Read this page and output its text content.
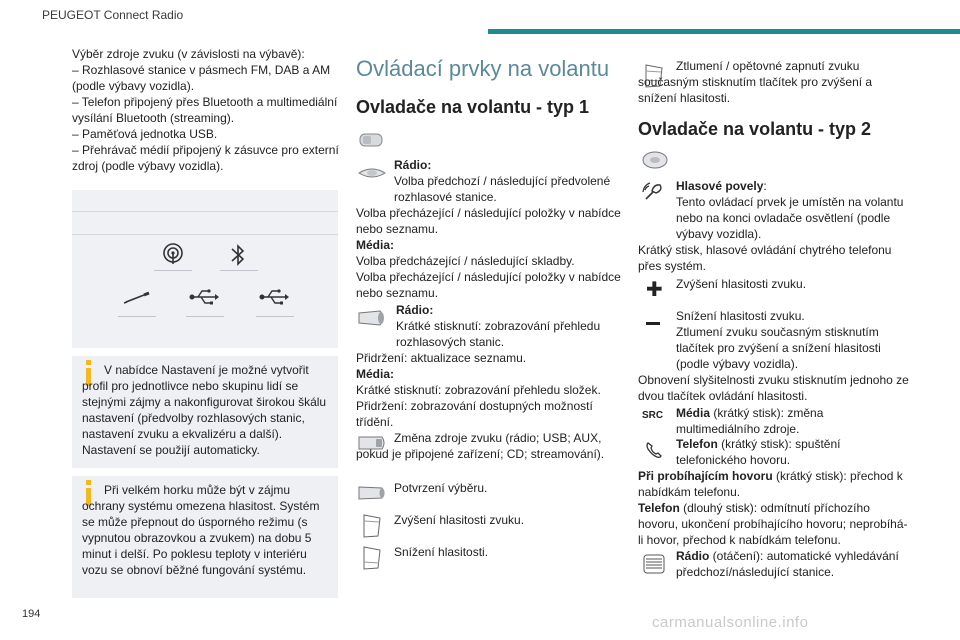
PEUGEOT Connect Radio

Výběr zdroje zvuku (v závislosti na výbavě):

– Rozhlasové stanice v pásmech FM, DAB a AM (podle výbavy vozidla).

– Telefon připojený přes Bluetooth a multimediální vysílání Bluetooth (streaming).

– Paměťová jednotka USB.

– Přehrávač médií připojený k zásuvce pro externí zdroj (podle výbavy vozidla).

V nabídce Nastavení je možné vytvořit profil pro jednotlivce nebo skupinu lidí se stejnými zájmy a nakonfigurovat širokou škálu nastavení (předvolby rozhlasových stanic, nastavení zvuku a ekvalizéru a další). Nastavení se použijí automaticky.
Při velkém horku může být v zájmu ochrany systému omezena hlasitost. Systém se může přepnout do úsporného režimu (s vypnutou obrazovkou a zvukem) na dobu 5 minut i delší. Po poklesu teploty v interiéru vozu se obnoví běžné fungování systému.
Ovládací prvky na volantu
Ovladače na volantu - typ 1

Rádio:

Volba předchozí / následující předvolené rozhlasové stanice.

Volba přecházející / následující položky v nabídce nebo seznamu.

Média:

Volba předcházející / následující skladby.

Volba přecházející / následující položky v nabídce nebo seznamu.

Rádio:

Krátké stisknutí: zobrazování přehledu rozhlasových stanic.

Přidržení: aktualizace seznamu.

Média:

Krátké stisknutí: zobrazování přehledu složek.

Přidržení: zobrazování dostupných možností třídění.

Změna zdroje zvuku (rádio; USB; AUX, pokud je připojené zařízení; CD; streamování).

Potvrzení výběru.
Zvýšení hlasitosti zvuku.
Snížení hlasitosti.

Ztlumení / opětovné zapnutí zvuku současným stisknutím tlačítek pro zvýšení a snížení hlasitosti.

Ovladače na volantu - typ 2

Hlasové povely:

Tento ovládací prvek je umístěn na volantu nebo na konci ovladače osvětlení (podle výbavy vozidla).

Krátký stisk, hlasové ovládání chytrého telefonu přes systém.

✚ Zvýšení hlasitosti zvuku.

Snížení hlasitosti zvuku.

Ztlumení zvuku současným stisknutím tlačítek pro zvýšení a snížení hlasitosti (podle výbavy vozidla).

Obnovení slyšitelnosti zvuku stisknutím jednoho ze dvou tlačítek ovládání hlasitosti.

SRC Média (krátký stisk): změna multimediálního zdroje.

Telefon (krátký stisk): spuštění telefonického hovoru.

Při probíhajícím hovoru (krátký stisk): přechod k nabídkám telefonu.

Telefon (dlouhý stisk): odmítnutí příchozího hovoru, ukončení probíhajícího hovoru; neprobíhá-li hovor, přechod k nabídkám telefonu.

Rádio (otáčení): automatické vyhledávání předchozí/následující stanice.
194	carmanualsonline.info
